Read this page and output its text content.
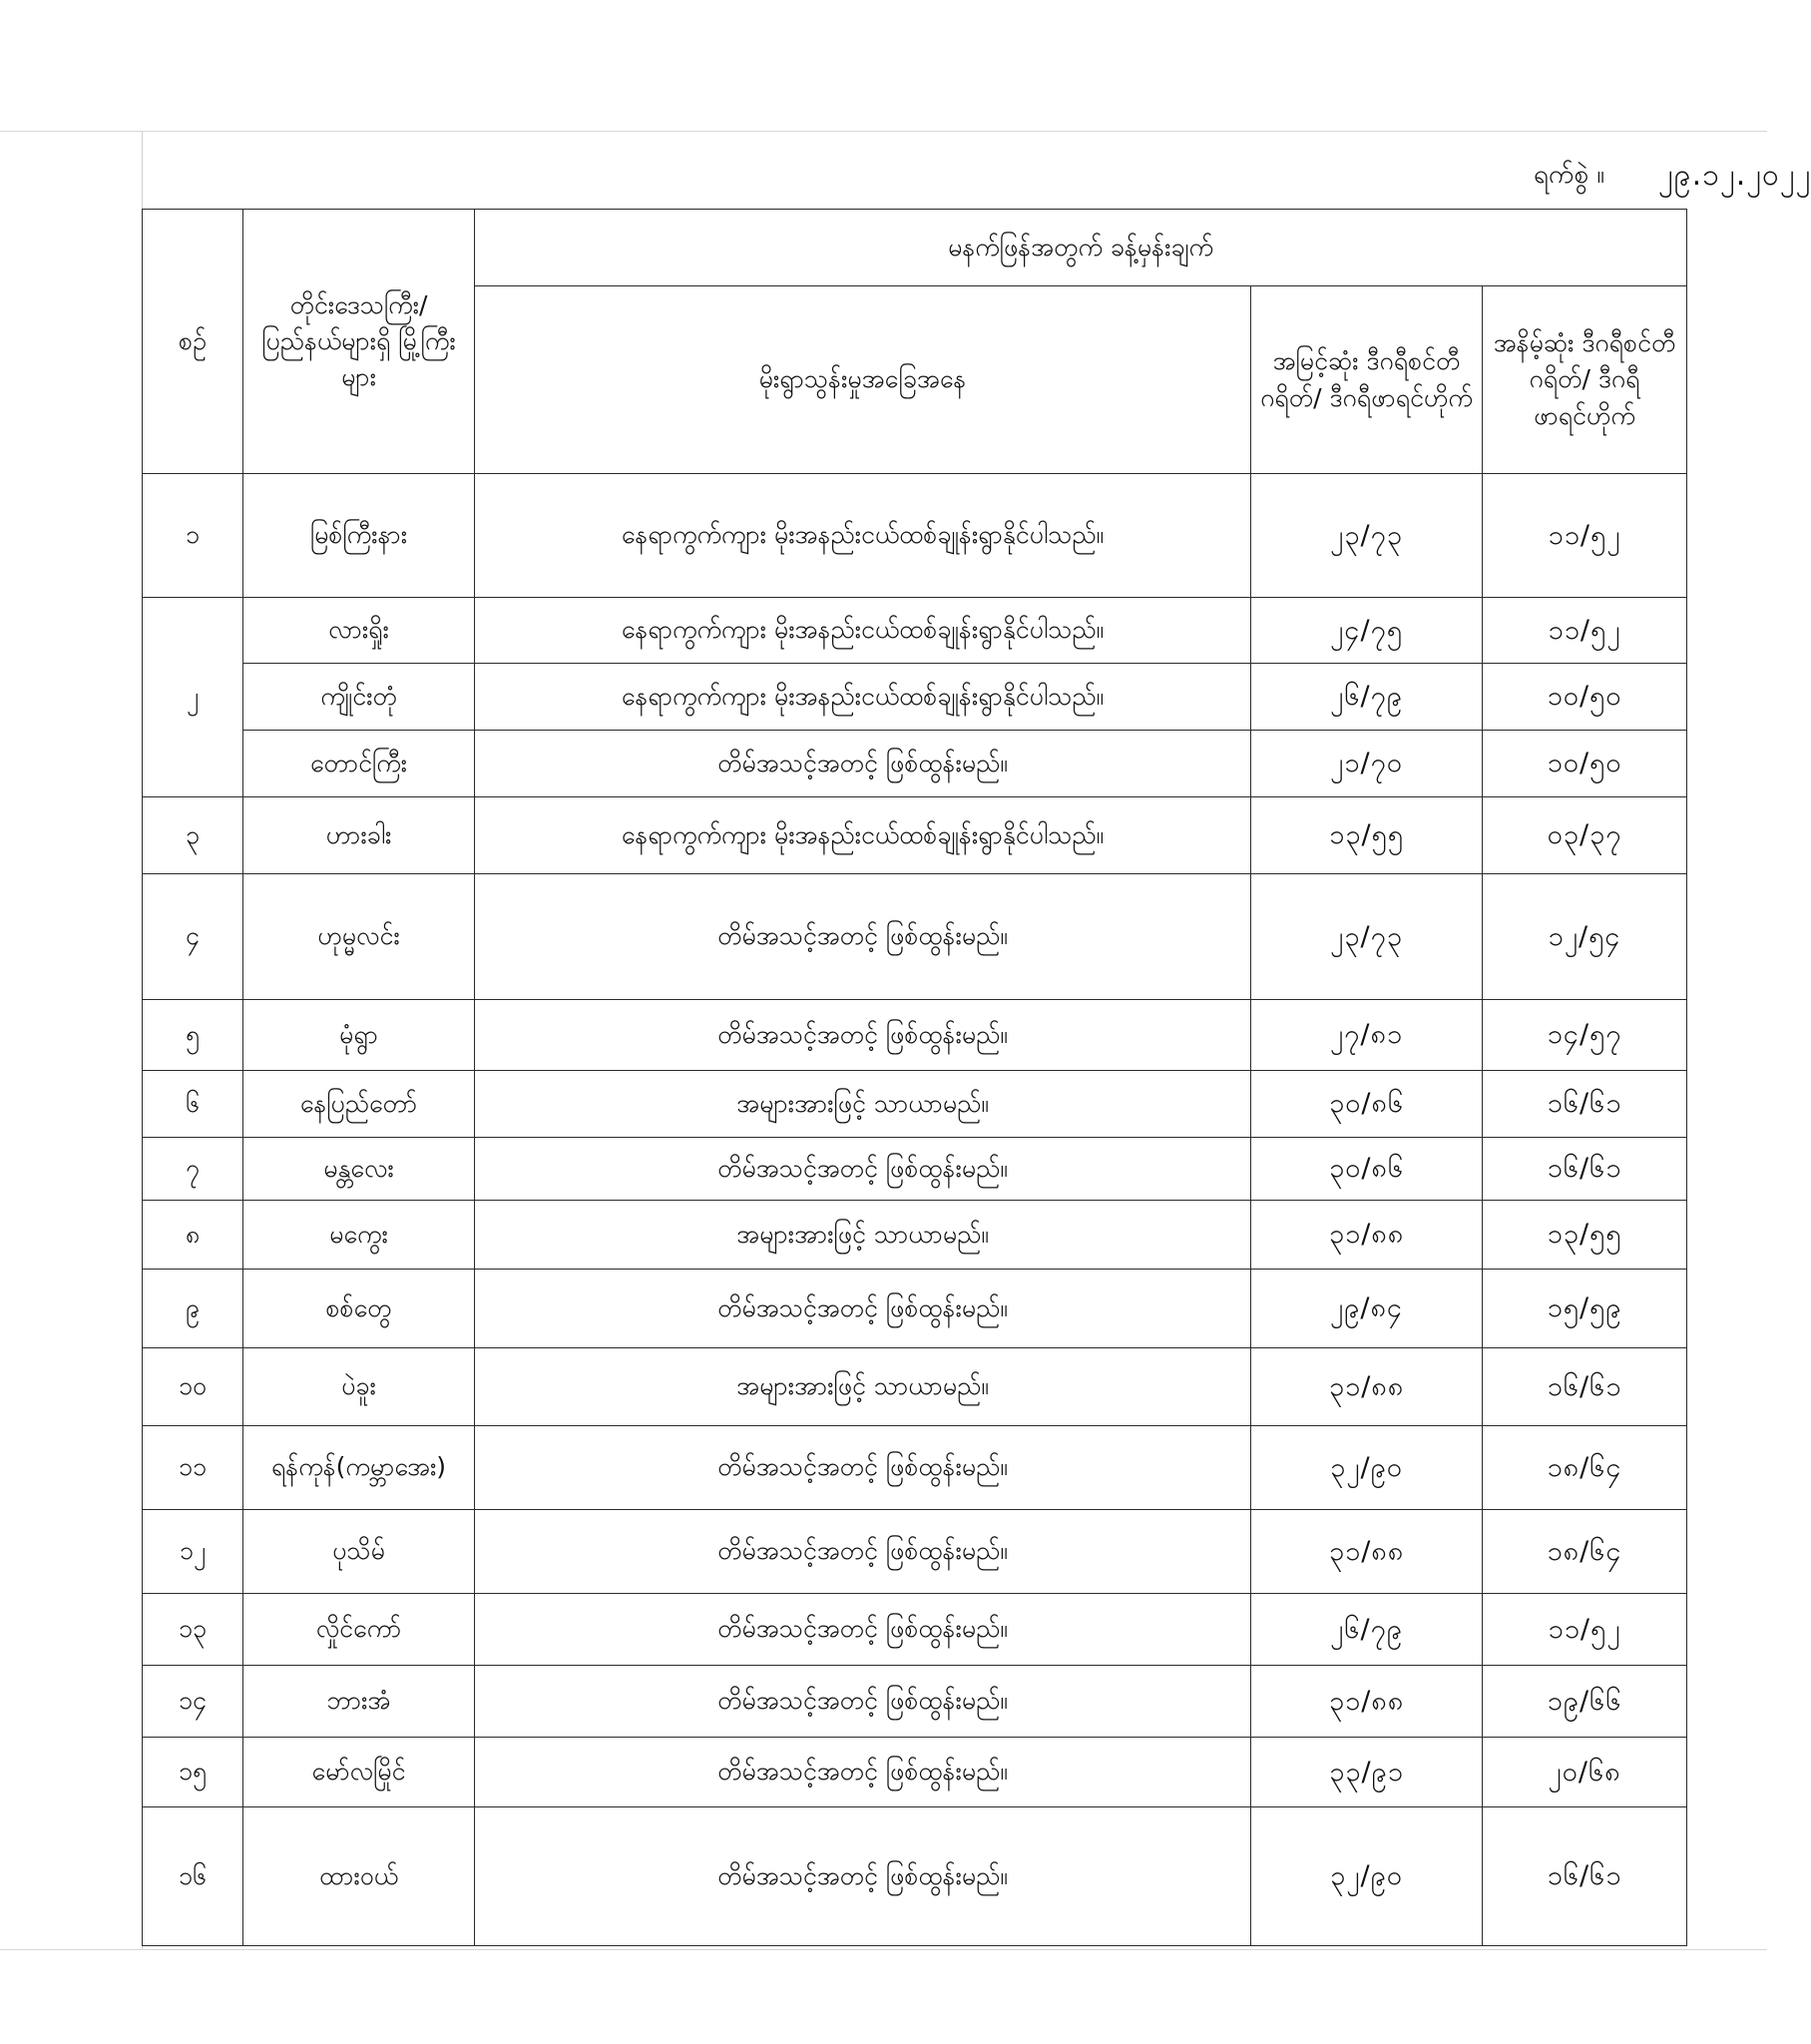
ရက်စွဲ ။ ၂၉.၁၂.၂၀၂၂
စဉ်	တိုင်းဒေသကြီး/ ပြည်နယ်များရှိ မြို့ကြီးများ	မနက်ဖြန်အတွက် ခန့်မှန်းချက်		
		မိုးရွာသွန်းမှုအခြေအနေ	အမြင့်ဆုံး ဒီဂရီစင်တီဂရိတ်/ ဒီဂရီဖာရင်ဟိုက်	အနိမ့်ဆုံး ဒီဂရီစင်တီဂရိတ်/ ဒီဂရီဖာရင်ဟိုက်
၁	မြစ်ကြီးနား	နေရာကွက်ကျား မိုးအနည်းငယ်ထစ်ချုန်းရွာနိုင်ပါသည်။	၂၃/၇၃	၁၁/၅၂
၂	လားရှိုး	နေရာကွက်ကျား မိုးအနည်းငယ်ထစ်ချုန်းရွာနိုင်ပါသည်။	၂၄/၇၅	၁၁/၅၂
	ကျိုင်းတုံ	နေရာကွက်ကျား မိုးအနည်းငယ်ထစ်ချုန်းရွာနိုင်ပါသည်။	၂၆/၇၉	၁၀/၅၀
	တောင်ကြီး	တိမ်အသင့်အတင့် ဖြစ်ထွန်းမည်။	၂၁/၇၀	၁၀/၅၀
၃	ဟားခါး	နေရာကွက်ကျား မိုးအနည်းငယ်ထစ်ချုန်းရွာနိုင်ပါသည်။	၁၃/၅၅	၀၃/၃၇
၄	ဟုမ္မလင်း	တိမ်အသင့်အတင့် ဖြစ်ထွန်းမည်။	၂၃/၇၃	၁၂/၅၄
၅	မုံရွာ	တိမ်အသင့်အတင့် ဖြစ်ထွန်းမည်။	၂၇/၈၁	၁၄/၅၇
၆	နေပြည်တော်	အများအားဖြင့် သာယာမည်။	၃၀/၈၆	၁၆/၆၁
၇	မန္တလေး	တိမ်အသင့်အတင့် ဖြစ်ထွန်းမည်။	၃၀/၈၆	၁၆/၆၁
၈	မကွေး	အများအားဖြင့် သာယာမည်။	၃၁/၈၈	၁၃/၅၅
၉	စစ်တွေ	တိမ်အသင့်အတင့် ဖြစ်ထွန်းမည်။	၂၉/၈၄	၁၅/၅၉
၁၀	ပဲခူး	အများအားဖြင့် သာယာမည်။	၃၁/၈၈	၁၆/၆၁
၁၁	ရန်ကုန်(ကမ္ဘာအေး)	တိမ်အသင့်အတင့် ဖြစ်ထွန်းမည်။	၃၂/၉၀	၁၈/၆၄
၁၂	ပုသိမ်	တိမ်အသင့်အတင့် ဖြစ်ထွန်းမည်။	၃၁/၈၈	၁၈/၆၄
၁၃	လှိုင်ကော်	တိမ်အသင့်အတင့် ဖြစ်ထွန်းမည်။	၂၆/၇၉	၁၁/၅၂
၁၄	ဘားအံ	တိမ်အသင့်အတင့် ဖြစ်ထွန်းမည်။	၃၁/၈၈	၁၉/၆၆
၁၅	မော်လမြိုင်	တိမ်အသင့်အတင့် ဖြစ်ထွန်းမည်။	၃၃/၉၁	၂၀/၆၈
၁၆	ထားဝယ်	တိမ်အသင့်အတင့် ဖြစ်ထွန်းမည်။	၃၂/၉၀	၁၆/၆၁
